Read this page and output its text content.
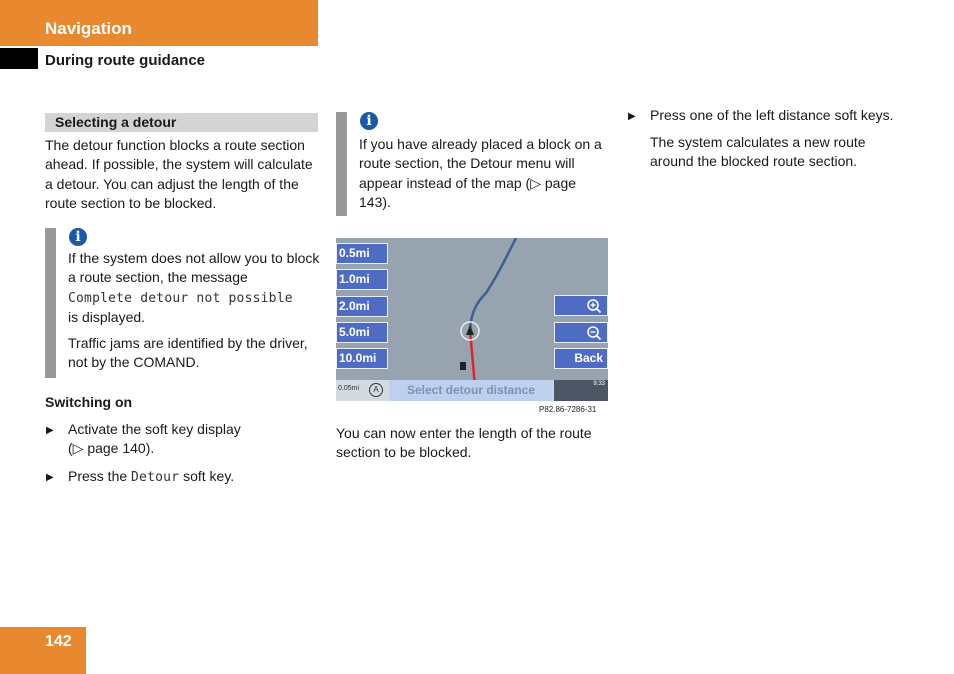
Navigation
During route guidance
Selecting a detour
The detour function blocks a route section ahead. If possible, the system will calculate a detour. You can adjust the length of the route section to be blocked.
i
If the system does not allow you to block a route section, the message
Complete detour not possible
is displayed.
Traffic jams are identified by the driver, not by the COMAND.
Switching on
▶ Activate the soft key display
(▷ page 140).
▶ Press the Detour soft key.
i
If you have already placed a block on a route section, the Detour menu will appear instead of the map (▷ page 143).
0.5mi
1.0mi
2.0mi
5.0mi
10.0mi	Back
0.05mi	A	Select detour distance	9:33
P82.86-7286-31
You can now enter the length of the route section to be blocked.
▶ Press one of the left distance soft keys.
The system calculates a new route around the blocked route section.
142
